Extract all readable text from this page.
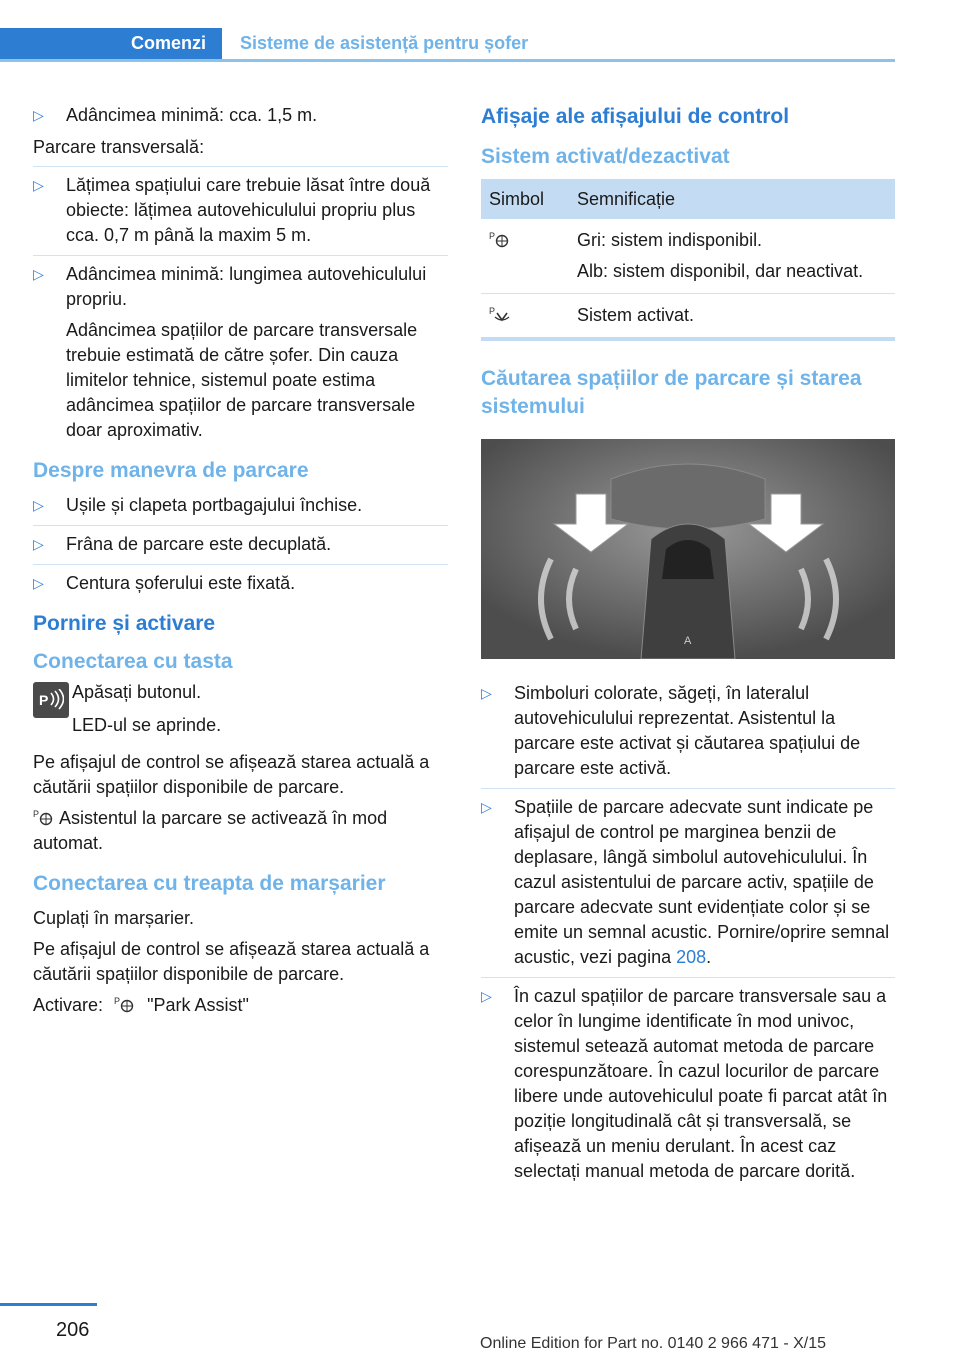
Comenzi	Sisteme de asistență pentru șofer
▷ Adâncimea minimă: cca. 1,5 m.

Parcare transversală:

▷ Lățimea spațiului care trebuie lăsat între două obiecte: lățimea autovehiculului propriu plus cca. 0,7 m până la maxim 5 m.
▷ Adâncimea minimă: lungimea autovehiculului propriu.
Adâncimea spațiilor de parcare transversale trebuie estimată de către șofer. Din cauza limitelor tehnice, sistemul poate estima adâncimea spațiilor de parcare transversale doar aproximativ.
Despre manevra de parcare
▷ Ușile și clapeta portbagajului închise.
▷ Frâna de parcare este decuplată.
▷ Centura șoferului este fixată.
Pornire și activare
Conectarea cu tasta
P Apăsați butonul.
LED-ul se aprinde.

Pe afișajul de control se afișează starea actuală a căutării spațiilor disponibile de parcare.

P Asistentul la parcare se activează în mod automat.

Conectarea cu treapta de marșarier

Cuplați în marșarier.

Pe afișajul de control se afișează starea actuală a căutării spațiilor disponibile de parcare.

Activare: P "Park Assist"

Afișaje ale afișajului de control
Sistem activat/dezactivat
Simbol	Semnificație

P	Gri: sistem indisponibil.
Alb: sistem disponibil, dar neactivat.

P	Sistem activat.
Căutarea spațiilor de parcare și starea sistemului
A
▷ Simboluri colorate, săgeți, în lateralul autovehiculului reprezentat. Asistentul la parcare este activat și căutarea spațiului de parcare este activă.
▷ Spațiile de parcare adecvate sunt indicate pe afișajul de control pe marginea benzii de deplasare, lângă simbolul autovehiculului. În cazul asistentului de parcare activ, spațiile de parcare adecvate sunt evidențiate color și se emite un semnal acustic. Pornire/oprire semnal acustic, vezi pagina 208.
▷ În cazul spațiilor de parcare transversale sau a celor în lungime identificate în mod univoc, sistemul setează automat metoda de parcare corespunzătoare. În cazul locurilor de parcare libere unde autovehiculul poate fi parcat atât în poziție longitudinală cât și transversală, se afișează un meniu derulant. În acest caz selectați manual metoda de parcare dorită.
206
Online Edition for Part no. 0140 2 966 471 - X/15
